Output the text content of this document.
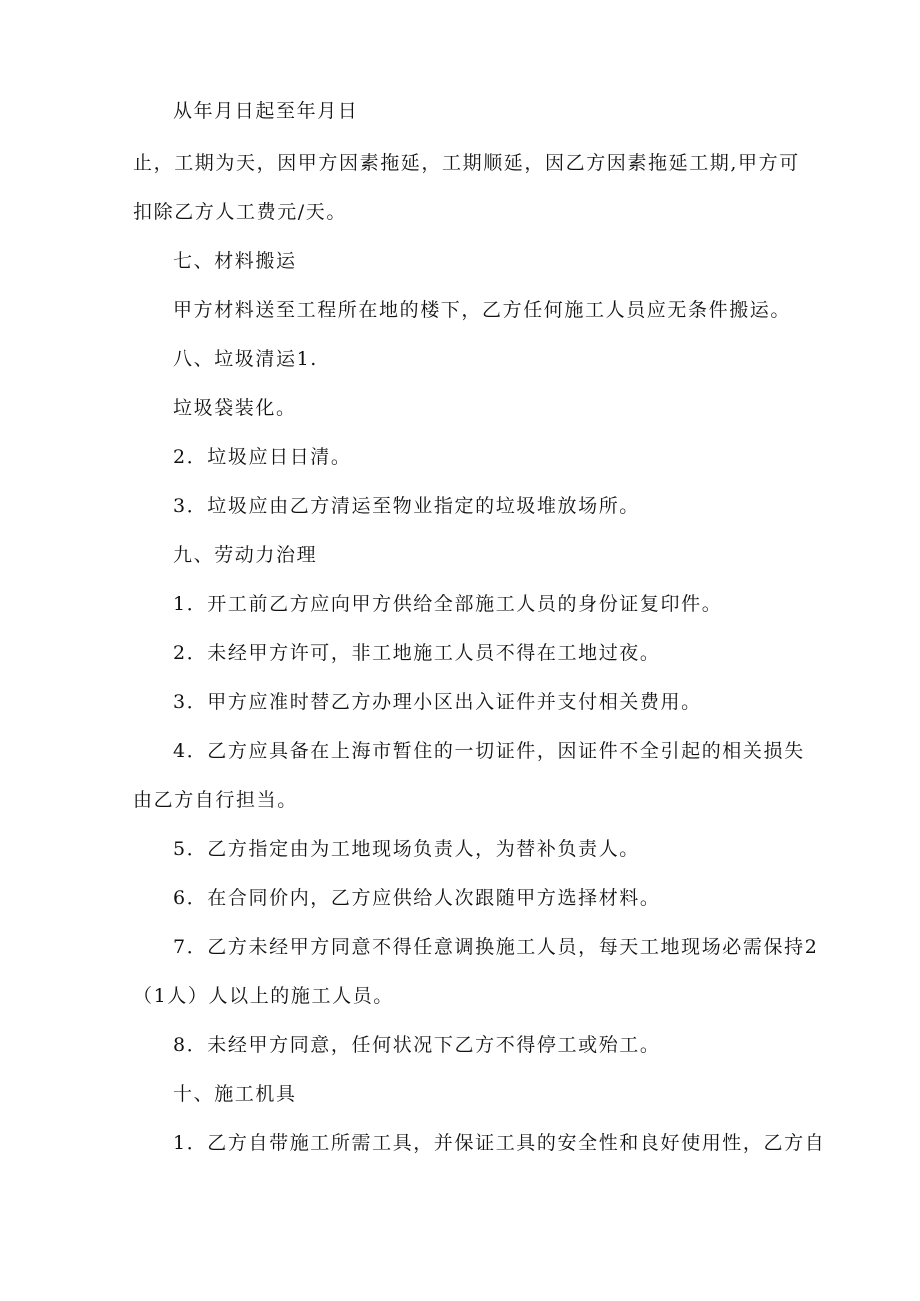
从年月日起至年月日
止，工期为天，因甲方因素拖延，工期顺延，因乙方因素拖延工期,甲方可
扣除乙方人工费元/天。
七、材料搬运
甲方材料送至工程所在地的楼下，乙方任何施工人员应无条件搬运。
八、垃圾清运1.
垃圾袋装化。
2．垃圾应日日清。
3．垃圾应由乙方清运至物业指定的垃圾堆放场所。
九、劳动力治理
1．开工前乙方应向甲方供给全部施工人员的身份证复印件。
2．未经甲方许可，非工地施工人员不得在工地过夜。
3．甲方应准时替乙方办理小区出入证件并支付相关费用。
4．乙方应具备在上海市暂住的一切证件，因证件不全引起的相关损失
由乙方自行担当。
5．乙方指定由为工地现场负责人，为替补负责人。
6．在合同价内，乙方应供给人次跟随甲方选择材料。
7．乙方未经甲方同意不得任意调换施工人员，每天工地现场必需保持2
（1人）人以上的施工人员。
8．未经甲方同意，任何状况下乙方不得停工或殆工。
十、施工机具
1．乙方自带施工所需工具，并保证工具的安全性和良好使用性，乙方自
